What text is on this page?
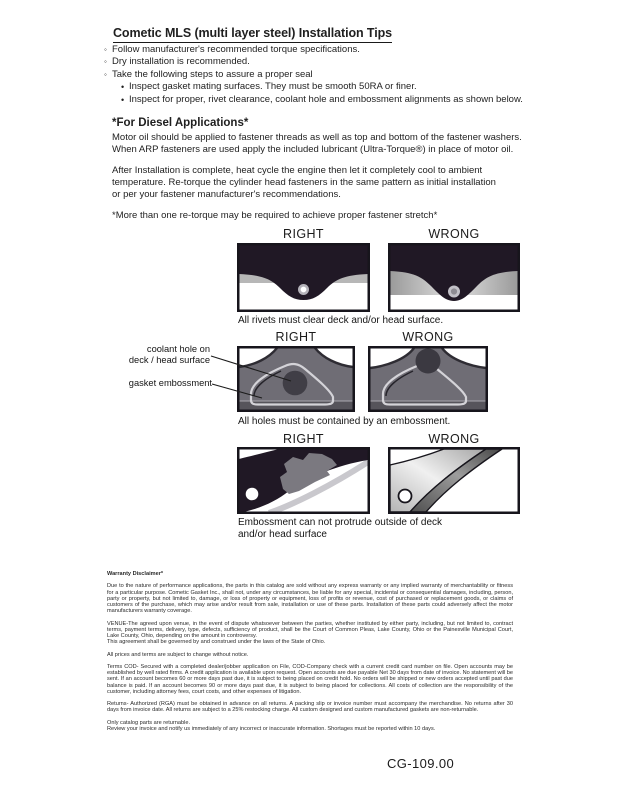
Cometic MLS (multi layer steel) Installation Tips
◦ Follow manufacturer's recommended torque specifications.
◦ Dry installation is recommended.
◦ Take the following steps to assure a proper seal
• Inspect gasket mating surfaces. They must be smooth 50RA or finer.
• Inspect for proper, rivet clearance, coolant hole and embossment alignments as shown below.
*For Diesel Applications*
Motor oil should be applied to fastener threads as well as top and bottom of the fastener washers.
When ARP fasteners are used apply the included lubricant (Ultra-Torque®) in place of motor oil.
After Installation is complete, heat cycle the engine then let it completely cool to ambient
temperature. Re-torque the cylinder head fasteners in the same pattern as initial installation
or per your fastener manufacturer's recommendations.
*More than one re-torque may be required to achieve proper fastener stretch*
RIGHT	WRONG
All rivets must clear deck and/or head surface.
RIGHT	WRONG
coolant hole on
deck / head surface
gasket embossment
All holes must be contained by an embossment.
RIGHT	WRONG
Embossment can not protrude outside of deck and/or head surface
Warranty Disclaimer*

Due to the nature of performance applications, the parts in this catalog are sold without any express warranty or any implied warranty of merchantability or fitness for a particular purpose. Cometic Gasket Inc., shall not, under any circumstances, be liable for any special, incidental or consequential damages, including, person, party or property, but not limited to, damage, or loss of property or equipment, loss of profits or revenue, cost of purchased or replacement goods, or claims of customers of the purchase, which may arise and/or result from sale, installation or use of these parts. Installation of these parts could adversely affect the motor manufacturers warranty coverage.

VENUE-The agreed upon venue, in the event of dispute whatsoever between the parties, whether instituted by either party, including, but not limited to, contract terms, payment terms, delivery, type, defects, sufficiency of product, shall be the Court of Common Pleas, Lake County, Ohio or the Painesville Municipal Court, Lake County, Ohio, depending on the amount in controversy.

This agreement shall be governed by and construed under the laws of the State of Ohio.

All prices and terms are subject to change without notice.

Terms COD- Secured with a completed dealer/jobber application on File, COD-Company check with a current credit card number on file. Open accounts may be established by well rated firms. A credit application is available upon request. Open accounts are due payable Net 30 days from date of invoice. No statement will be sent. If an account becomes 60 or more days past due, it is subject to being placed on credit hold. No orders will be shipped or new orders accepted until past due balance is paid. If an account becomes 90 or more days past due, it is subject to being placed for collections. All costs of collection are the responsibility of the customer, including attorney fees, court costs, and other expenses of litigation.

Returns- Authorized (RGA) must be obtained in advance on all returns. A packing slip or invoice number must accompany the merchandise. No returns after 30 days from invoice date. All returns are subject to a 25% restocking charge. All custom designed and custom manufactured gaskets are non-returnable.

Only catalog parts are returnable.

Review your invoice and notify us immediately of any incorrect or inaccurate information. Shortages must be reported within 10 days.

CG-109.00
